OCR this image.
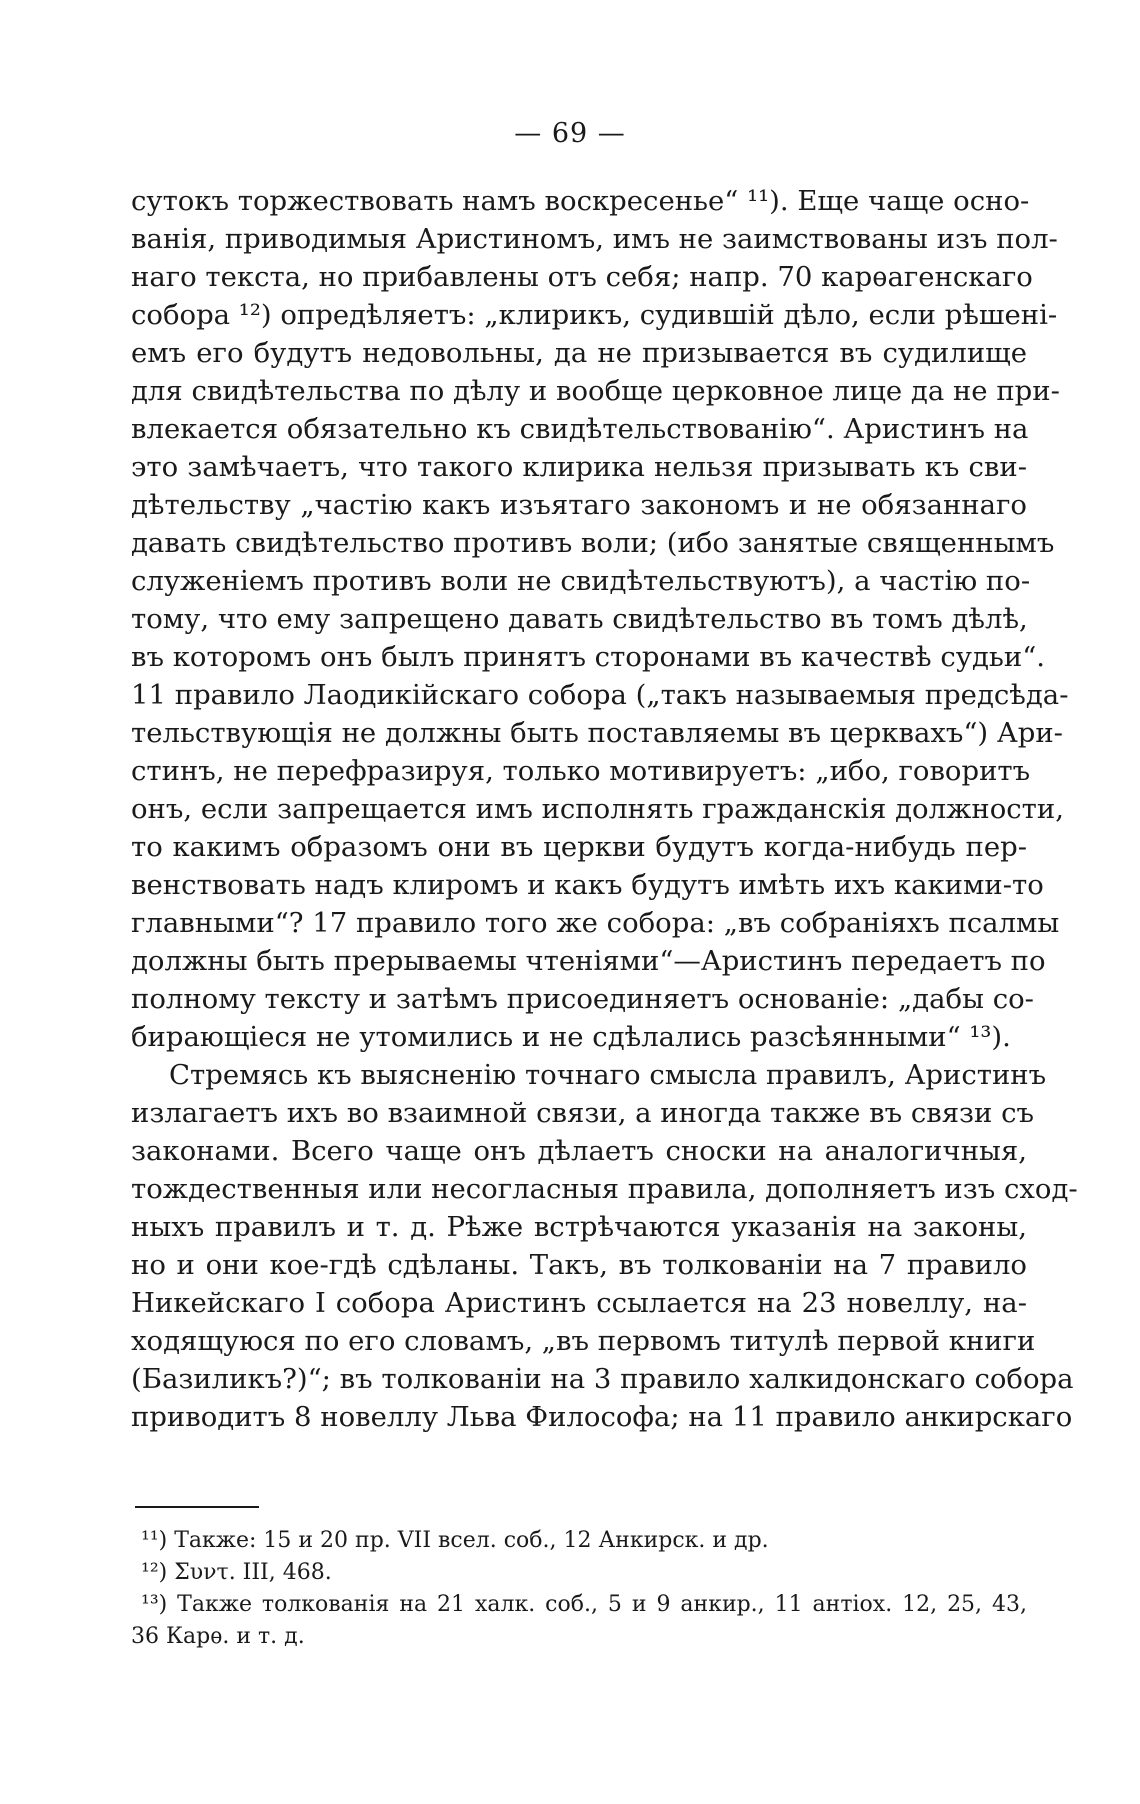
— 69 —
сутокъ торжествовать намъ воскресенье“ ¹¹). Еще чаще осно-
ванія, приводимыя Аристиномъ, имъ не заимствованы изъ пол-
наго текста, но прибавлены отъ себя; напр. 70 карѳагенскаго
собора ¹²) опредѣляетъ: „клирикъ, судившій дѣло, если рѣшені-
емъ его будутъ недовольны, да не призывается въ судилище
для свидѣтельства по дѣлу и вообще церковное лице да не при-
влекается обязательно къ свидѣтельствованію“. Аристинъ на
это замѣчаетъ, что такого клирика нельзя призывать къ сви-
дѣтельству „частію какъ изъятаго закономъ и не обязаннаго
давать свидѣтельство противъ воли; (ибо занятые священнымъ
служеніемъ противъ воли не свидѣтельствуютъ), а частію по-
тому, что ему запрещено давать свидѣтельство въ томъ дѣлѣ,
въ которомъ онъ былъ принятъ сторонами въ качествѣ судьи“.
11 правило Лаодикійскаго собора („такъ называемыя предсѣда-
тельствующія не должны быть поставляемы въ церквахъ“) Ари-
стинъ, не перефразируя, только мотивируетъ: „ибо, говоритъ
онъ, если запрещается имъ исполнять гражданскія должности,
то какимъ образомъ они въ церкви будутъ когда-нибудь пер-
венствовать надъ клиромъ и какъ будутъ имѣть ихъ какими-то
главными“? 17 правило того же собора: „въ собраніяхъ псалмы
должны быть прерываемы чтеніями“—Аристинъ передаетъ по
полному тексту и затѣмъ присоединяетъ основаніе: „дабы со-
бирающіеся не утомились и не сдѣлались разсѣянными“ ¹³).
Стремясь къ выясненію точнаго смысла правилъ, Аристинъ
излагаетъ ихъ во взаимной связи, а иногда также въ связи съ
законами. Всего чаще онъ дѣлаетъ сноски на аналогичныя,
тождественныя или несогласныя правила, дополняетъ изъ сход-
ныхъ правилъ и т. д. Рѣже встрѣчаются указанія на законы,
но и они кое-гдѣ сдѣланы. Такъ, въ толкованіи на 7 правило
Никейскаго I собора Аристинъ ссылается на 23 новеллу, на-
ходящуюся по его словамъ, „въ первомъ титулѣ первой книги
(Базиликъ?)“; въ толкованіи на 3 правило халкидонскаго собора
приводитъ 8 новеллу Льва Философа; на 11 правило анкирскаго
¹¹) Также: 15 и 20 пр. VII всел. соб., 12 Анкирск. и др.
¹²) Συντ. III, 468.
¹³) Также толкованія на 21 халк. соб., 5 и 9 анкир., 11 антіох. 12, 25, 43,
36 Карѳ. и т. д.
